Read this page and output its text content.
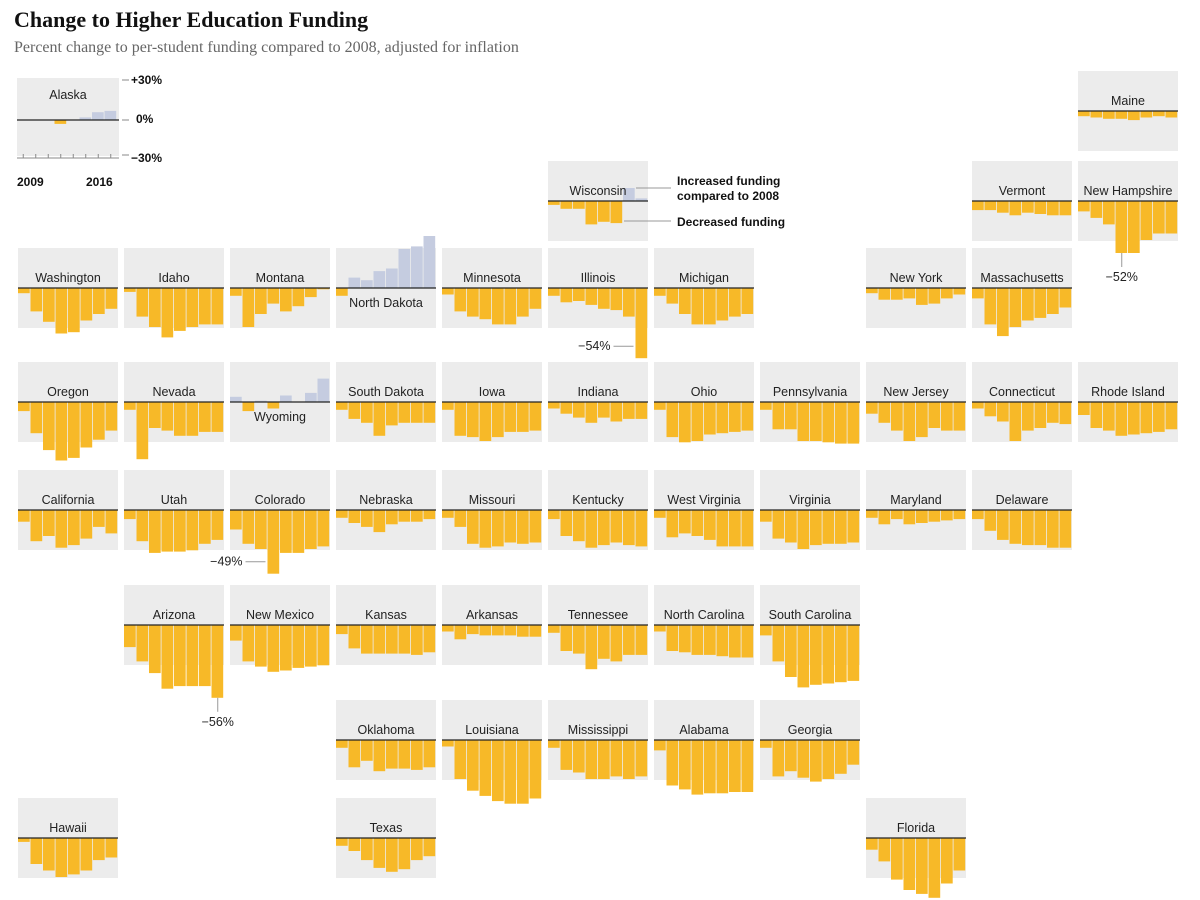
Change to Higher Education Funding

Percent change to per-student funding compared to 2008, adjusted for inflation

Alaska	Maine
Wisconsin	Vermont	New Hampshire
Washington	Idaho	Montana
North Dakota
Minnesota	Illinois	Michigan	New York	Massachusetts
Oregon	Nevada
Wyoming
South Dakota	Iowa	Indiana	Ohio	Pennsylvania	New Jersey	Connecticut	Rhode Island
California	Utah	Colorado	Nebraska	Missouri	Kentucky	West Virginia	Virginia	Maryland	Delaware
Arizona	New Mexico	Kansas	Arkansas	Tennessee	North Carolina South Carolina
Oklahoma	Louisiana	Mississippi	Alabama	Georgia
Hawaii	Texas	Florida
−54%
−52%
−49%
−56%
+30%
0%
−30%
2009	2016	Increased funding
compared to 2008
Decreased funding
